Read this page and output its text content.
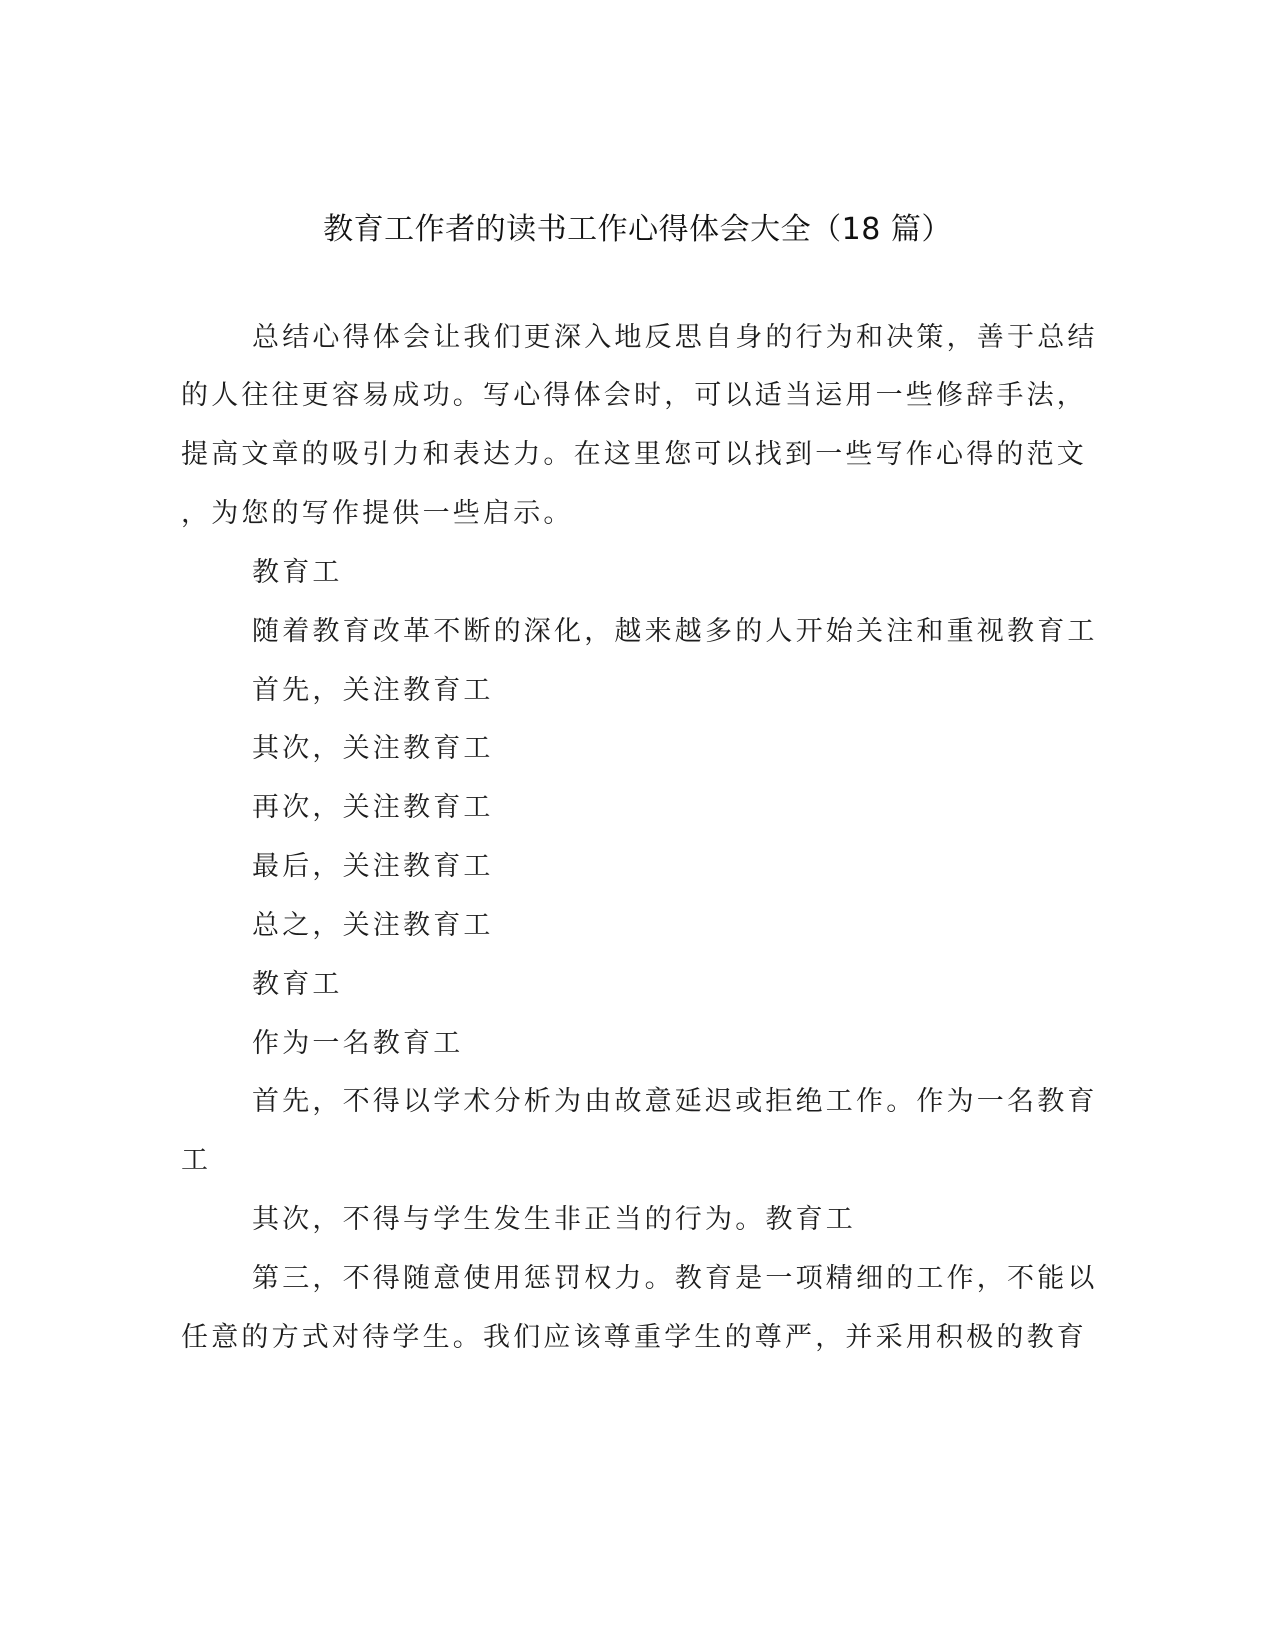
教育工作者的读书工作心得体会大全（18 篇）
总结心得体会让我们更深入地反思自身的行为和决策，善于总结
的人往往更容易成功。写心得体会时，可以适当运用一些修辞手法，
提高文章的吸引力和表达力。在这里您可以找到一些写作心得的范文
，为您的写作提供一些启示。
教育工
随着教育改革不断的深化，越来越多的人开始关注和重视教育工
首先，关注教育工
其次，关注教育工
再次，关注教育工
最后，关注教育工
总之，关注教育工
教育工
作为一名教育工
首先，不得以学术分析为由故意延迟或拒绝工作。作为一名教育
工
其次，不得与学生发生非正当的行为。教育工
第三，不得随意使用惩罚权力。教育是一项精细的工作，不能以
任意的方式对待学生。我们应该尊重学生的尊严，并采用积极的教育
